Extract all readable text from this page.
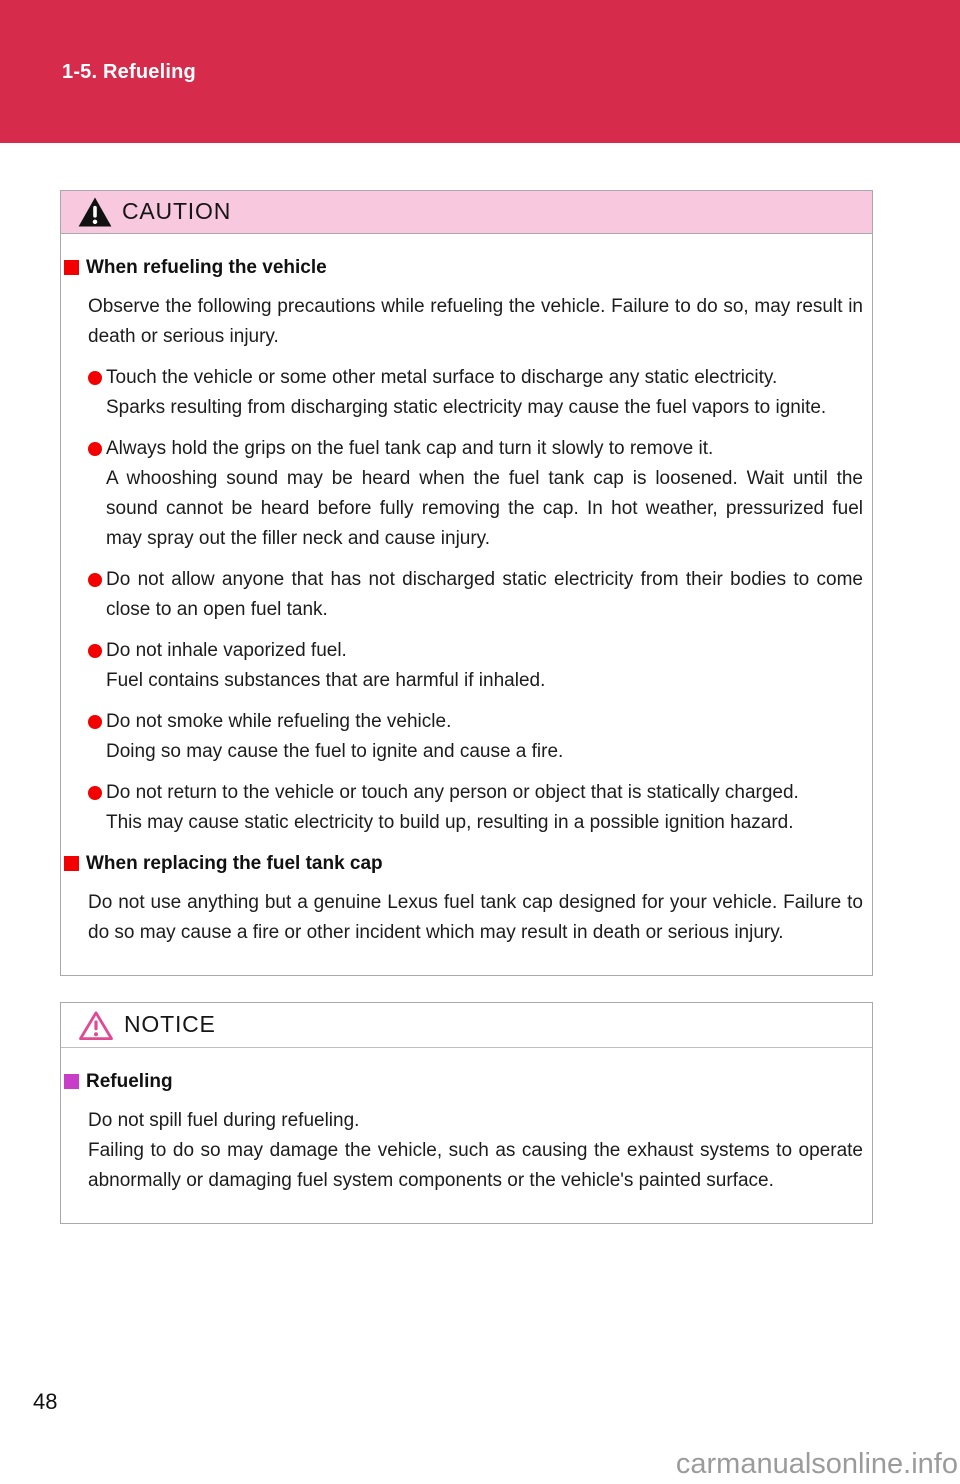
1-5. Refueling
CAUTION
When refueling the vehicle

Observe the following precautions while refueling the vehicle. Failure to do so, may result in death or serious injury.

Touch the vehicle or some other metal surface to discharge any static electricity.
Sparks resulting from discharging static electricity may cause the fuel vapors to ignite.
Always hold the grips on the fuel tank cap and turn it slowly to remove it.
A whooshing sound may be heard when the fuel tank cap is loosened. Wait until the sound cannot be heard before fully removing the cap. In hot weather, pressurized fuel may spray out the filler neck and cause injury.
Do not allow anyone that has not discharged static electricity from their bodies to come close to an open fuel tank.
Do not inhale vaporized fuel.
Fuel contains substances that are harmful if inhaled.
Do not smoke while refueling the vehicle.
Doing so may cause the fuel to ignite and cause a fire.
Do not return to the vehicle or touch any person or object that is statically charged.
This may cause static electricity to build up, resulting in a possible ignition hazard.
When replacing the fuel tank cap

Do not use anything but a genuine Lexus fuel tank cap designed for your vehicle. Failure to do so may cause a fire or other incident which may result in death or serious injury.

NOTICE
Refueling

Do not spill fuel during refueling.

Failing to do so may damage the vehicle, such as causing the exhaust systems to operate abnormally or damaging fuel system components or the vehicle's painted surface.

48
carmanualsonline.info
